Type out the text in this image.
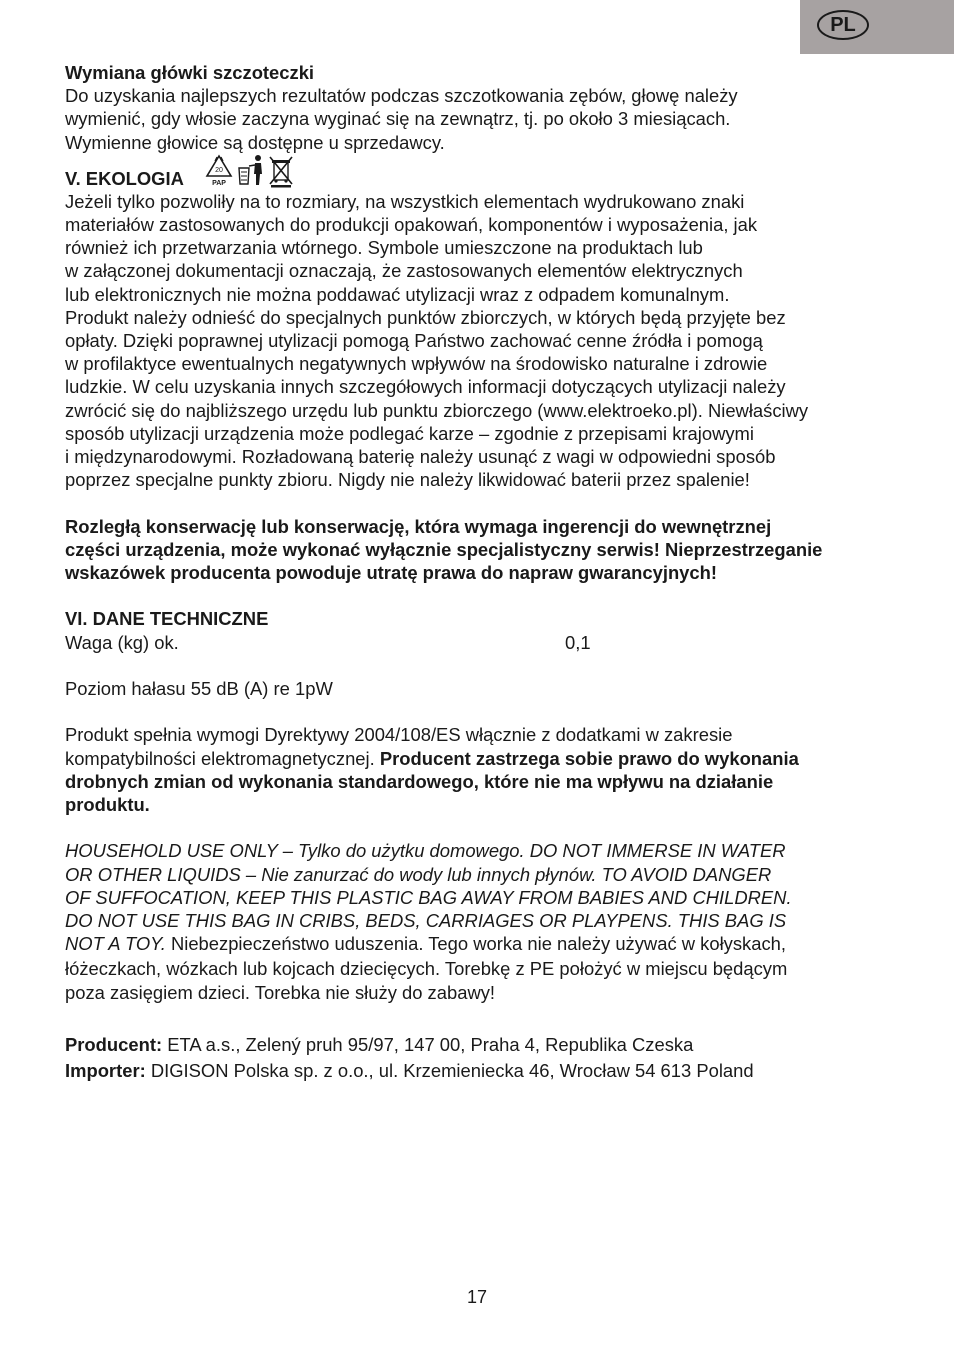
PL
Wymiana główki szczoteczki
Do uzyskania najlepszych rezultatów podczas szczotkowania zębów, głowę należy
wymienić, gdy włosie zaczyna wyginać się na zewnątrz, tj. po około 3 miesiącach.
Wymienne głowice są dostępne u sprzedawcy.
V. EKOLOGIA	20
PAP
Jeżeli tylko pozwoliły na to rozmiary, na wszystkich elementach wydrukowano znaki
materiałów zastosowanych do produkcji opakowań, komponentów i wyposażenia, jak
również ich przetwarzania wtórnego. Symbole umieszczone na produktach lub
w załączonej dokumentacji oznaczają, że zastosowanych elementów elektrycznych
lub elektronicznych nie można poddawać utylizacji wraz z odpadem komunalnym.
Produkt należy odnieść do specjalnych punktów zbiorczych, w których będą przyjęte bez
opłaty. Dzięki poprawnej utylizacji pomogą Państwo zachować cenne źródła i pomogą
w profilaktyce ewentualnych negatywnych wpływów na środowisko naturalne i zdrowie
ludzkie. W celu uzyskania innych szczegółowych informacji dotyczących utylizacji należy
zwrócić się do najbliższego urzędu lub punktu zbiorczego (www.elektroeko.pl). Niewłaściwy
sposób utylizacji urządzenia może podlegać karze – zgodnie z przepisami krajowymi
i międzynarodowymi. Rozładowaną baterię należy usunąć z wagi w odpowiedni sposób
poprzez specjalne punkty zbioru. Nigdy nie należy likwidować baterii przez spalenie!
Rozległą konserwację lub konserwację, która wymaga ingerencji do wewnętrznej
części urządzenia, może wykonać wyłącznie specjalistyczny serwis! Nieprzestrzeganie
wskazówek producenta powoduje utratę prawa do napraw gwarancyjnych!
VI. DANE TECHNICZNE
Waga (kg) ok.	0,1
Poziom hałasu 55 dB (A) re 1pW
Produkt spełnia wymogi Dyrektywy 2004/108/ES włącznie z dodatkami w zakresie
kompatybilności elektromagnetycznej. Producent zastrzega sobie prawo do wykonania
drobnych zmian od wykonania standardowego, które nie ma wpływu na działanie
produktu.
HOUSEHOLD USE ONLY – Tylko do użytku domowego. DO NOT IMMERSE IN WATER
OR OTHER LIQUIDS – Nie zanurzać do wody lub innych płynów. TO AVOID DANGER
OF SUFFOCATION, KEEP THIS PLASTIC BAG AWAY FROM BABIES AND CHILDREN.
DO NOT USE THIS BAG IN CRIBS, BEDS, CARRIAGES OR PLAYPENS. THIS BAG IS
NOT A TOY. Niebezpieczeństwo uduszenia. Tego worka nie należy używać w kołyskach,
łóżeczkach, wózkach lub kojcach dziecięcych. Torebkę z PE położyć w miejscu będącym
poza zasięgiem dzieci. Torebka nie służy do zabawy!
Producent: ETA a.s., Zelený pruh 95/97, 147 00, Praha 4, Republika Czeska
Importer: DIGISON Polska sp. z o.o., ul. Krzemieniecka 46, Wrocław 54 613 Poland
17
